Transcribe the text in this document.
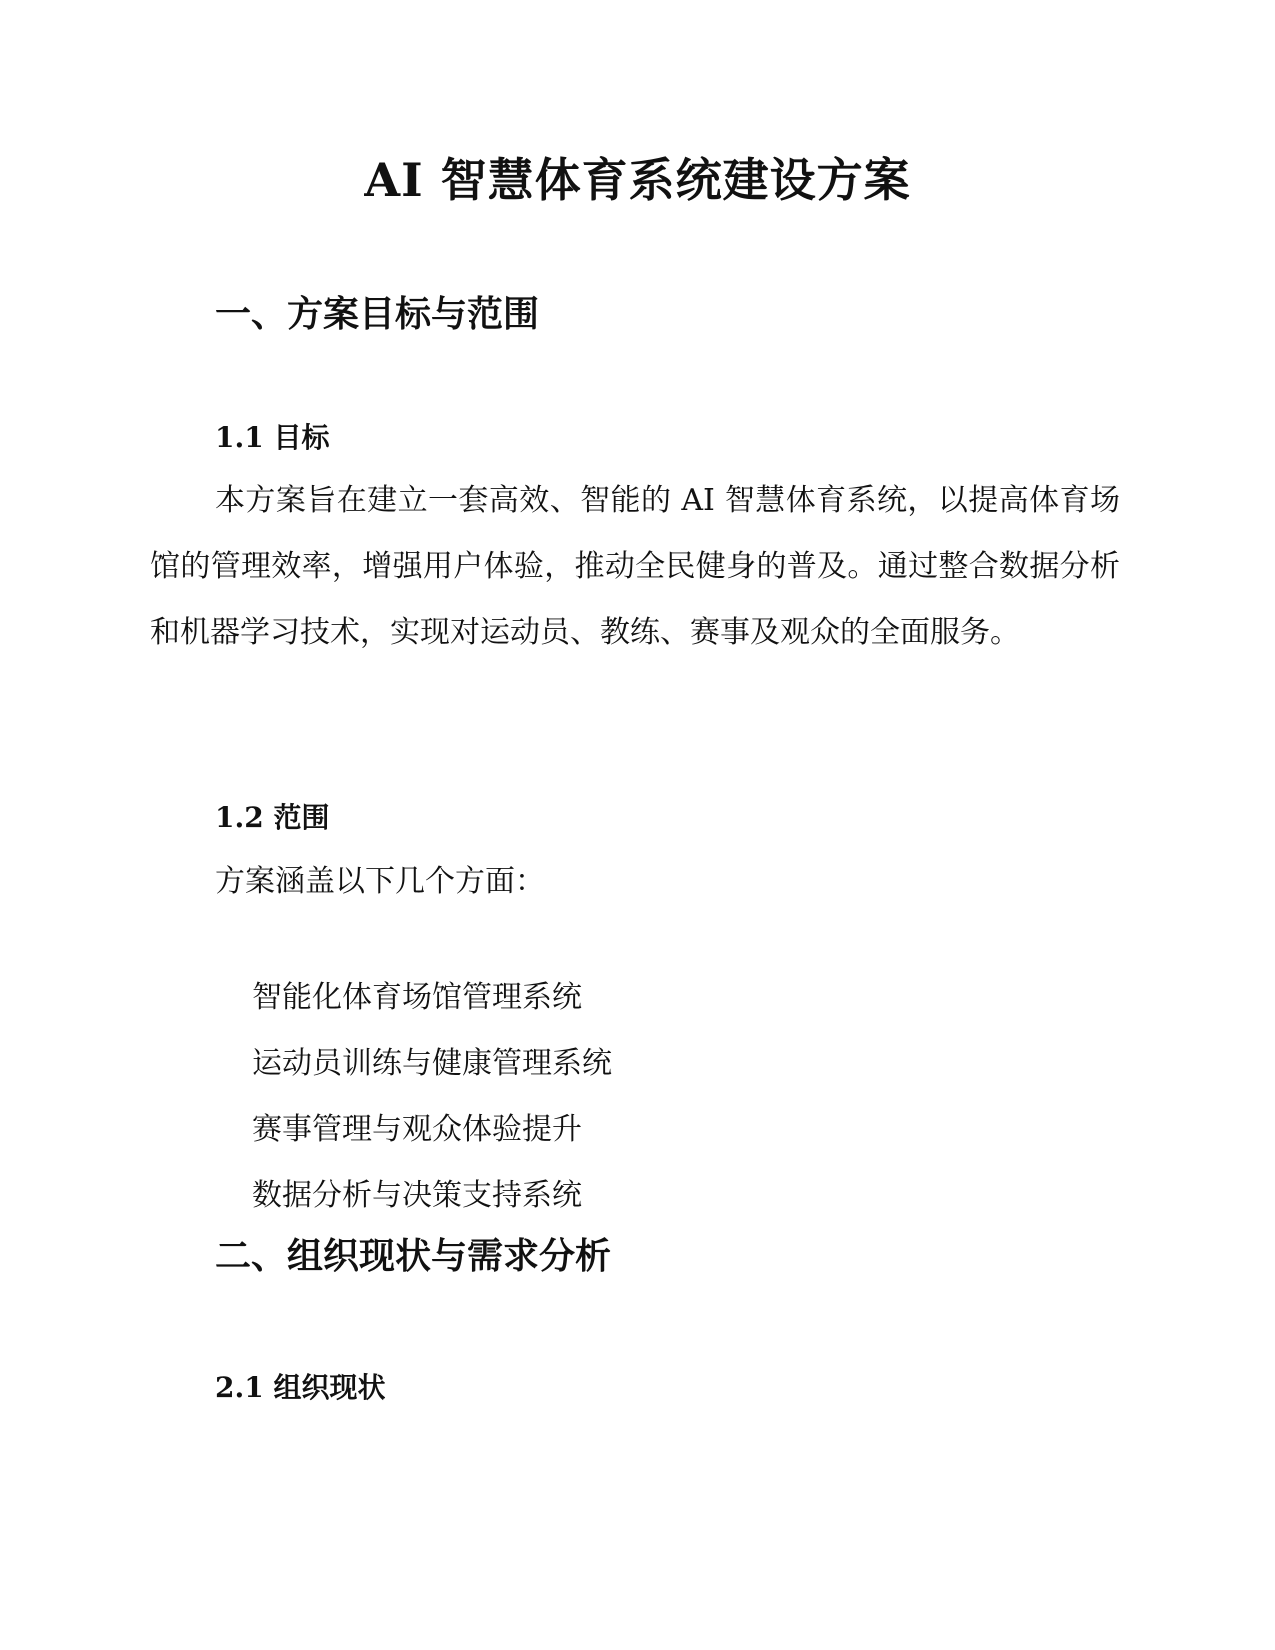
AI 智慧体育系统建设方案
一、方案目标与范围
1.1 目标

本方案旨在建立一套高效、智能的 AI 智慧体育系统，以提高体育场馆的管理效率，增强用户体验，推动全民健身的普及。通过整合数据分析和机器学习技术，实现对运动员、教练、赛事及观众的全面服务。

1.2 范围

方案涵盖以下几个方面：

智能化体育场馆管理系统
运动员训练与健康管理系统
赛事管理与观众体验提升
数据分析与决策支持系统
二、组织现状与需求分析
2.1 组织现状
